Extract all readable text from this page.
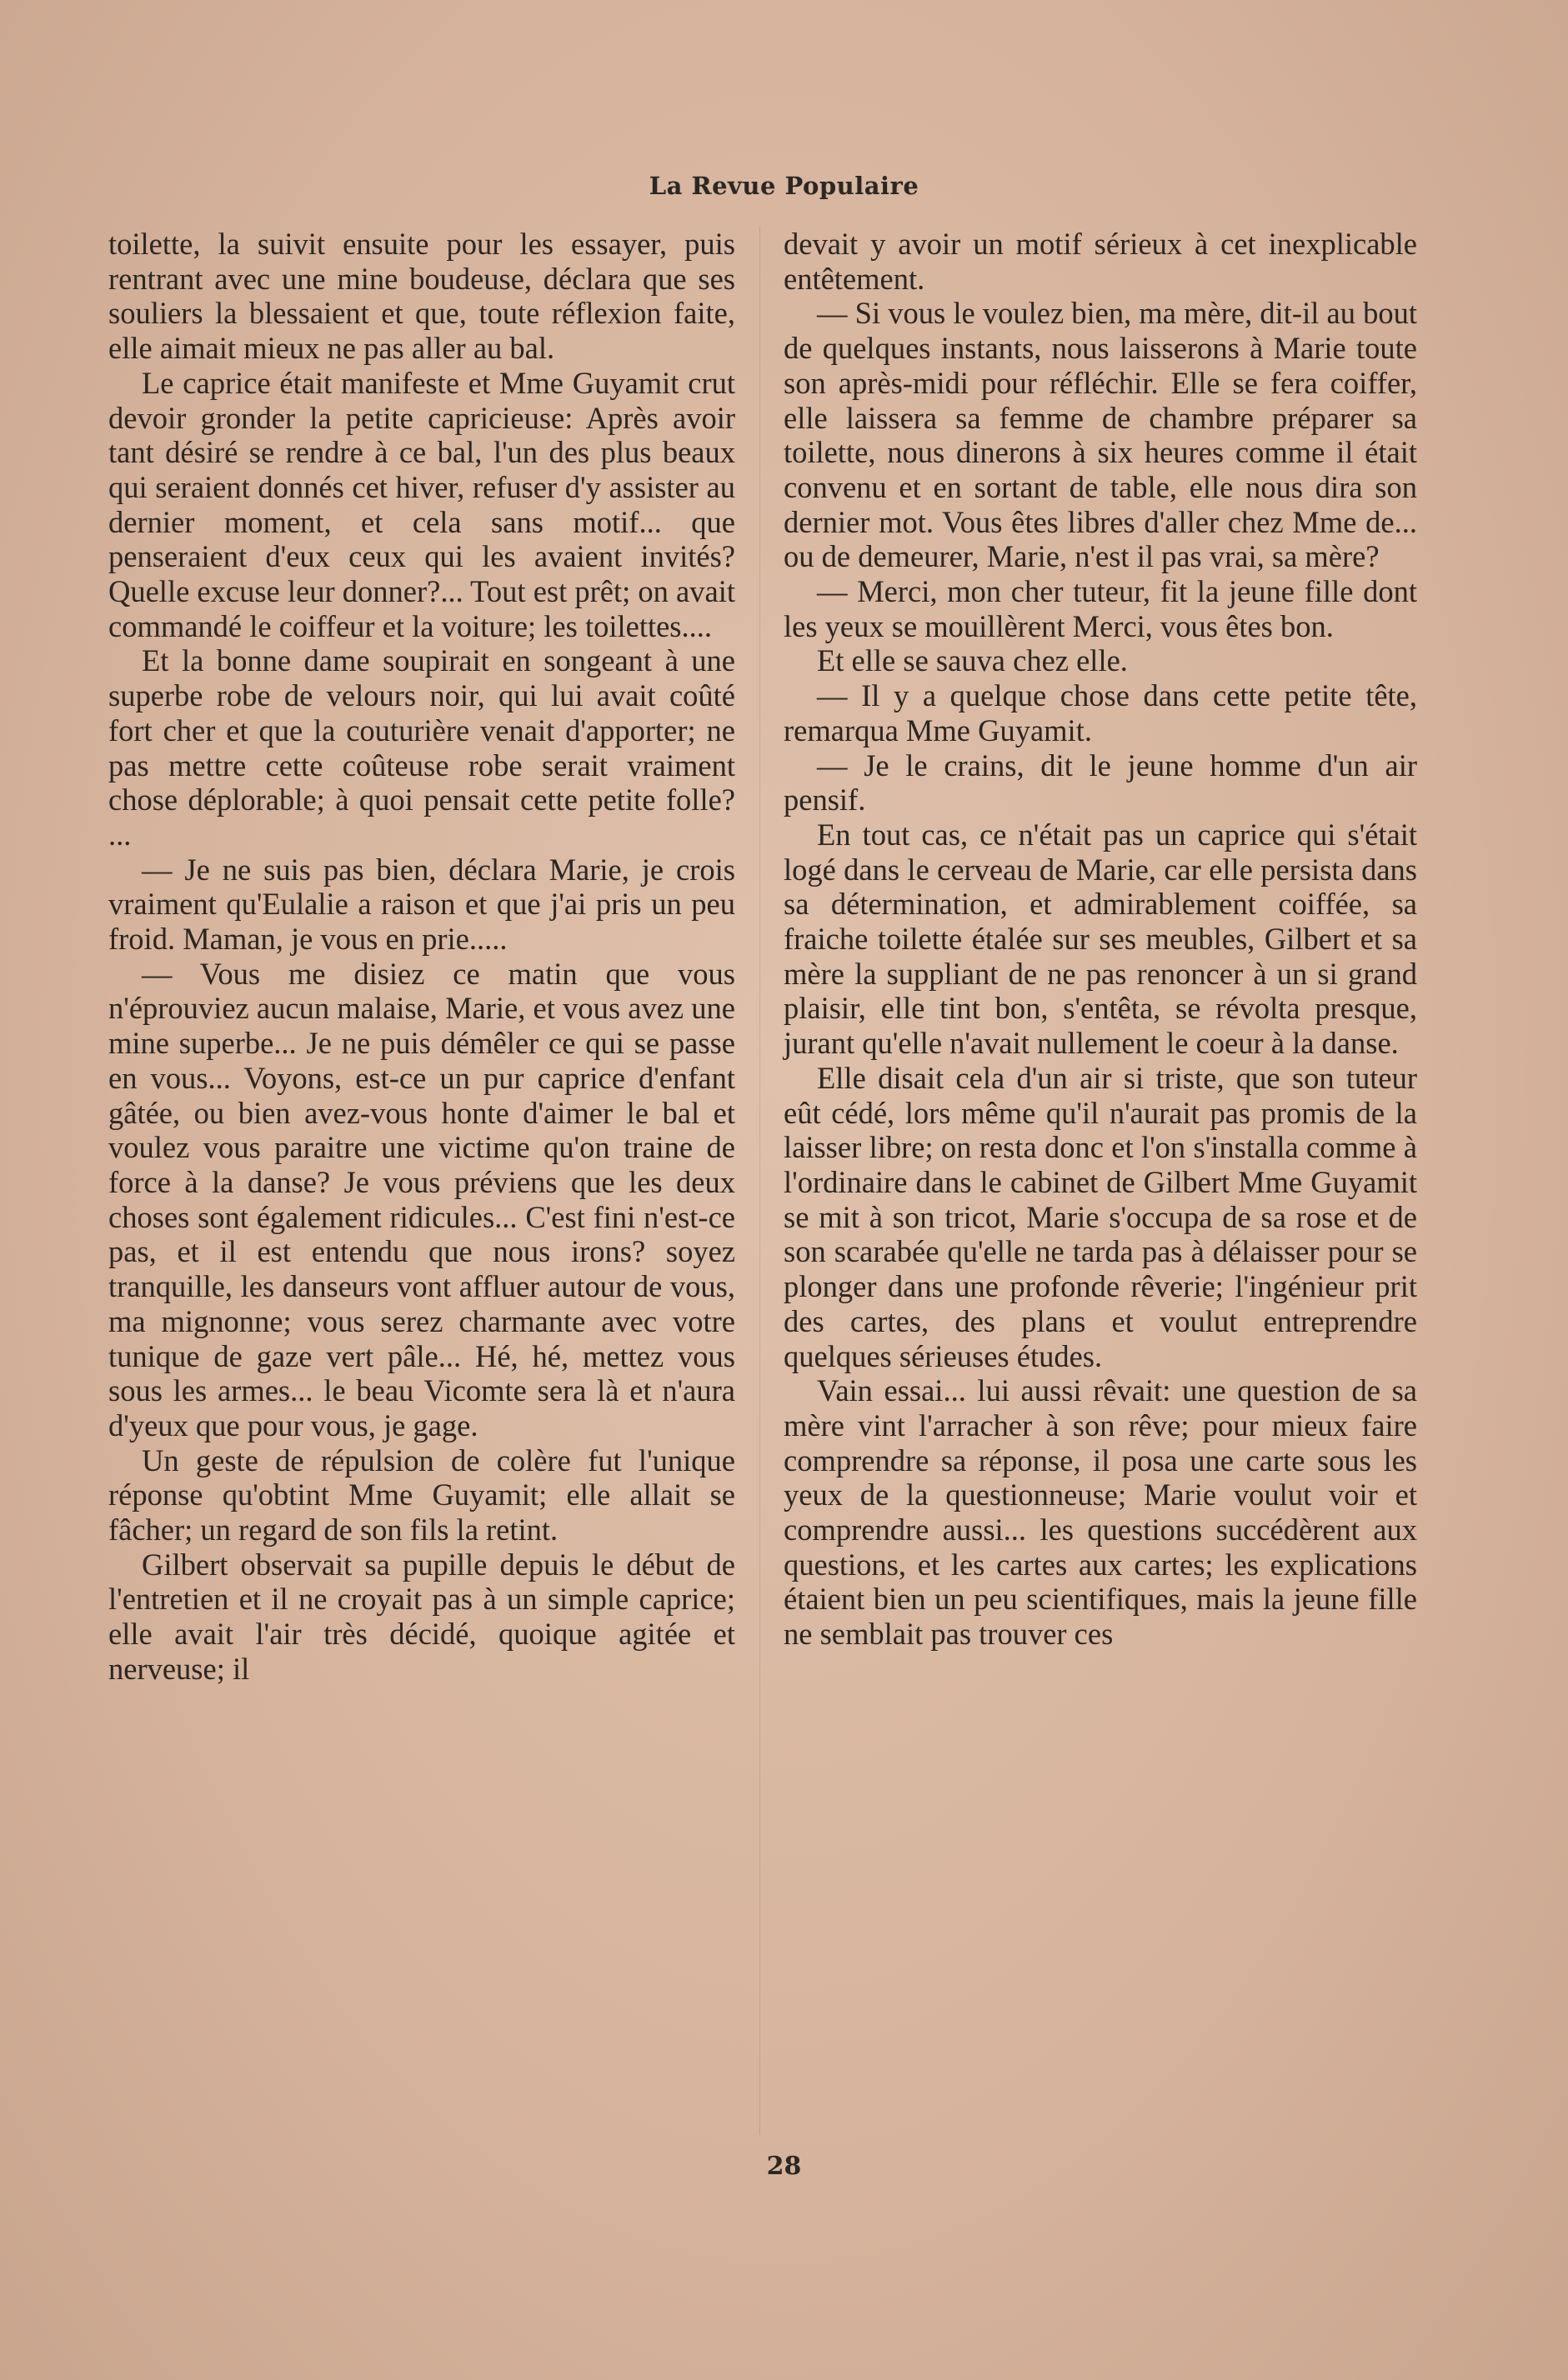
La Revue Populaire

toilette, la suivit ensuite pour les essayer, puis rentrant avec une mine boudeuse, déclara que ses souliers la blessaient et que, toute réflexion faite, elle aimait mieux ne pas aller au bal.

Le caprice était manifeste et Mme Guyamit crut devoir gronder la petite capricieuse: Après avoir tant désiré se rendre à ce bal, l'un des plus beaux qui seraient donnés cet hiver, refuser d'y assister au dernier moment, et cela sans motif... que penseraient d'eux ceux qui les avaient invités? Quelle excuse leur donner?... Tout est prêt; on avait commandé le coiffeur et la voiture; les toilettes....

Et la bonne dame soupirait en songeant à une superbe robe de velours noir, qui lui avait coûté fort cher et que la couturière venait d'apporter; ne pas mettre cette coûteuse robe serait vraiment chose déplorable; à quoi pensait cette petite folle? ...

— Je ne suis pas bien, déclara Marie, je crois vraiment qu'Eulalie a raison et que j'ai pris un peu froid. Maman, je vous en prie.....

— Vous me disiez ce matin que vous n'éprouviez aucun malaise, Marie, et vous avez une mine superbe... Je ne puis démêler ce qui se passe en vous... Voyons, est-ce un pur caprice d'enfant gâtée, ou bien avez-vous honte d'aimer le bal et voulez vous paraitre une victime qu'on traine de force à la danse? Je vous préviens que les deux choses sont également ridicules... C'est fini n'est-ce pas, et il est entendu que nous irons? soyez tranquille, les danseurs vont affluer autour de vous, ma mignonne; vous serez charmante avec votre tunique de gaze vert pâle... Hé, hé, mettez vous sous les armes... le beau Vicomte sera là et n'aura d'yeux que pour vous, je gage.

Un geste de répulsion de colère fut l'unique réponse qu'obtint Mme Guyamit; elle allait se fâcher; un regard de son fils la retint.

Gilbert observait sa pupille depuis le début de l'entretien et il ne croyait pas à un simple caprice; elle avait l'air très décidé, quoique agitée et nerveuse; il

devait y avoir un motif sérieux à cet inexplicable entêtement.

— Si vous le voulez bien, ma mère, dit-il au bout de quelques instants, nous laisserons à Marie toute son après-midi pour réfléchir. Elle se fera coiffer, elle laissera sa femme de chambre préparer sa toilette, nous dinerons à six heures comme il était convenu et en sortant de table, elle nous dira son dernier mot. Vous êtes libres d'aller chez Mme de... ou de demeurer, Marie, n'est il pas vrai, sa mère?

— Merci, mon cher tuteur, fit la jeune fille dont les yeux se mouillèrent Merci, vous êtes bon.

Et elle se sauva chez elle.

— Il y a quelque chose dans cette petite tête, remarqua Mme Guyamit.

— Je le crains, dit le jeune homme d'un air pensif.

En tout cas, ce n'était pas un caprice qui s'était logé dans le cerveau de Marie, car elle persista dans sa détermination, et admirablement coiffée, sa fraiche toilette étalée sur ses meubles, Gilbert et sa mère la suppliant de ne pas renoncer à un si grand plaisir, elle tint bon, s'entêta, se révolta presque, jurant qu'elle n'avait nullement le coeur à la danse.

Elle disait cela d'un air si triste, que son tuteur eût cédé, lors même qu'il n'aurait pas promis de la laisser libre; on resta donc et l'on s'installa comme à l'ordinaire dans le cabinet de Gilbert Mme Guyamit se mit à son tricot, Marie s'occupa de sa rose et de son scarabée qu'elle ne tarda pas à délaisser pour se plonger dans une profonde rêverie; l'ingénieur prit des cartes, des plans et voulut entreprendre quelques sérieuses études.

Vain essai... lui aussi rêvait: une question de sa mère vint l'arracher à son rêve; pour mieux faire comprendre sa réponse, il posa une carte sous les yeux de la questionneuse; Marie voulut voir et comprendre aussi... les questions succédèrent aux questions, et les cartes aux cartes; les explications étaient bien un peu scientifiques, mais la jeune fille ne semblait pas trouver ces

28
